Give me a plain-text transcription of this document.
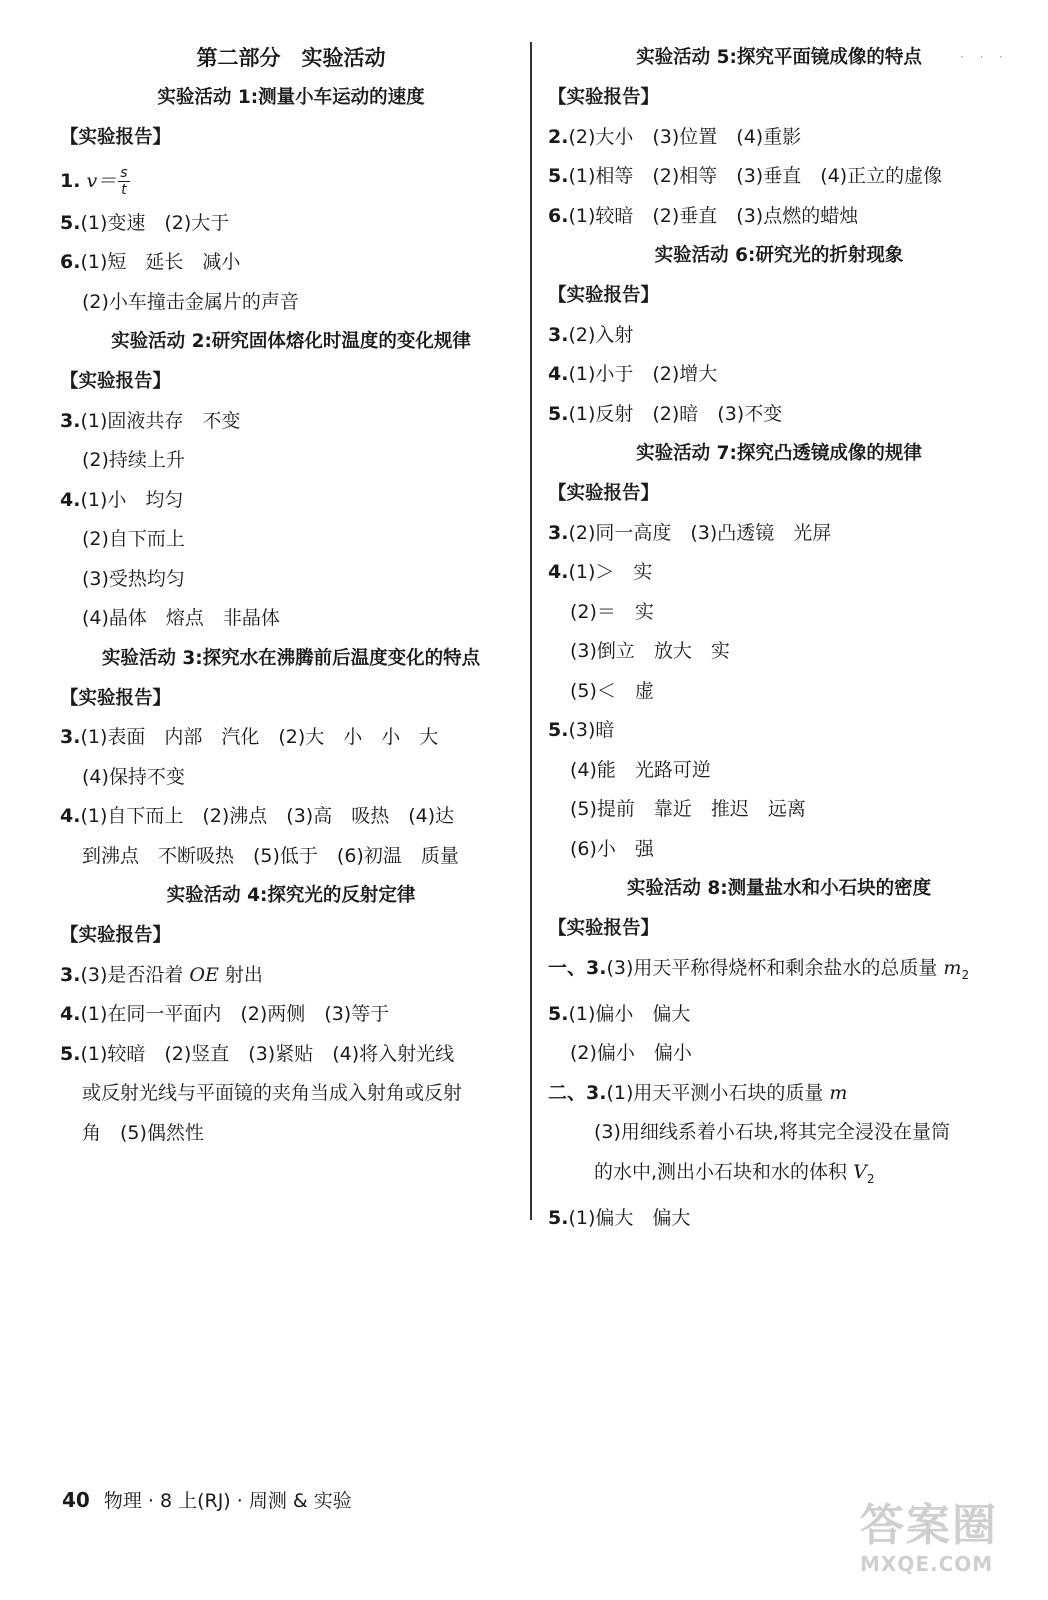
· · ·
第二部分　实验活动
实验活动 1:测量小车运动的速度
【实验报告】
1. $v= \frac{s}{t}$
5.(1)变速　(2)大于
6.(1)短　延长　减小
(2)小车撞击金属片的声音
实验活动 2:研究固体熔化时温度的变化规律
【实验报告】
3.(1)固液共存　不变
(2)持续上升
4.(1)小　均匀
(2)自下而上
(3)受热均匀
(4)晶体　熔点　非晶体
实验活动 3:探究水在沸腾前后温度变化的特点
【实验报告】
3.(1)表面　内部　汽化　(2)大　小　小　大
(4)保持不变
4.(1)自下而上　(2)沸点　(3)高　吸热　(4)达
到沸点　不断吸热　(5)低于　(6)初温　质量
实验活动 4:探究光的反射定律
【实验报告】
3.(3)是否沿着 OE 射出
4.(1)在同一平面内　(2)两侧　(3)等于
5.(1)较暗　(2)竖直　(3)紧贴　(4)将入射光线
或反射光线与平面镜的夹角当成入射角或反射
角　(5)偶然性
实验活动 5:探究平面镜成像的特点
【实验报告】
2.(2)大小　(3)位置　(4)重影
5.(1)相等　(2)相等　(3)垂直　(4)正立的虚像
6.(1)较暗　(2)垂直　(3)点燃的蜡烛
实验活动 6:研究光的折射现象
【实验报告】
3.(2)入射
4.(1)小于　(2)增大
5.(1)反射　(2)暗　(3)不变
实验活动 7:探究凸透镜成像的规律
【实验报告】
3.(2)同一高度　(3)凸透镜　光屏
4.(1)＞　实
(2)＝　实
(3)倒立　放大　实
(5)＜　虚
5.(3)暗
(4)能　光路可逆
(5)提前　靠近　推迟　远离
(6)小　强
实验活动 8:测量盐水和小石块的密度
【实验报告】
一、3.(3)用天平称得烧杯和剩余盐水的总质量 $m_2$
5.(1)偏小　偏大
(2)偏小　偏小
二、3.(1)用天平测小石块的质量 m
(3)用细线系着小石块,将其完全浸没在量筒
的水中,测出小石块和水的体积 $V_2$
5.(1)偏大　偏大
40 物理 · 8 上(RJ) · 周测 & 实验	答案圈
MXQE.COM
